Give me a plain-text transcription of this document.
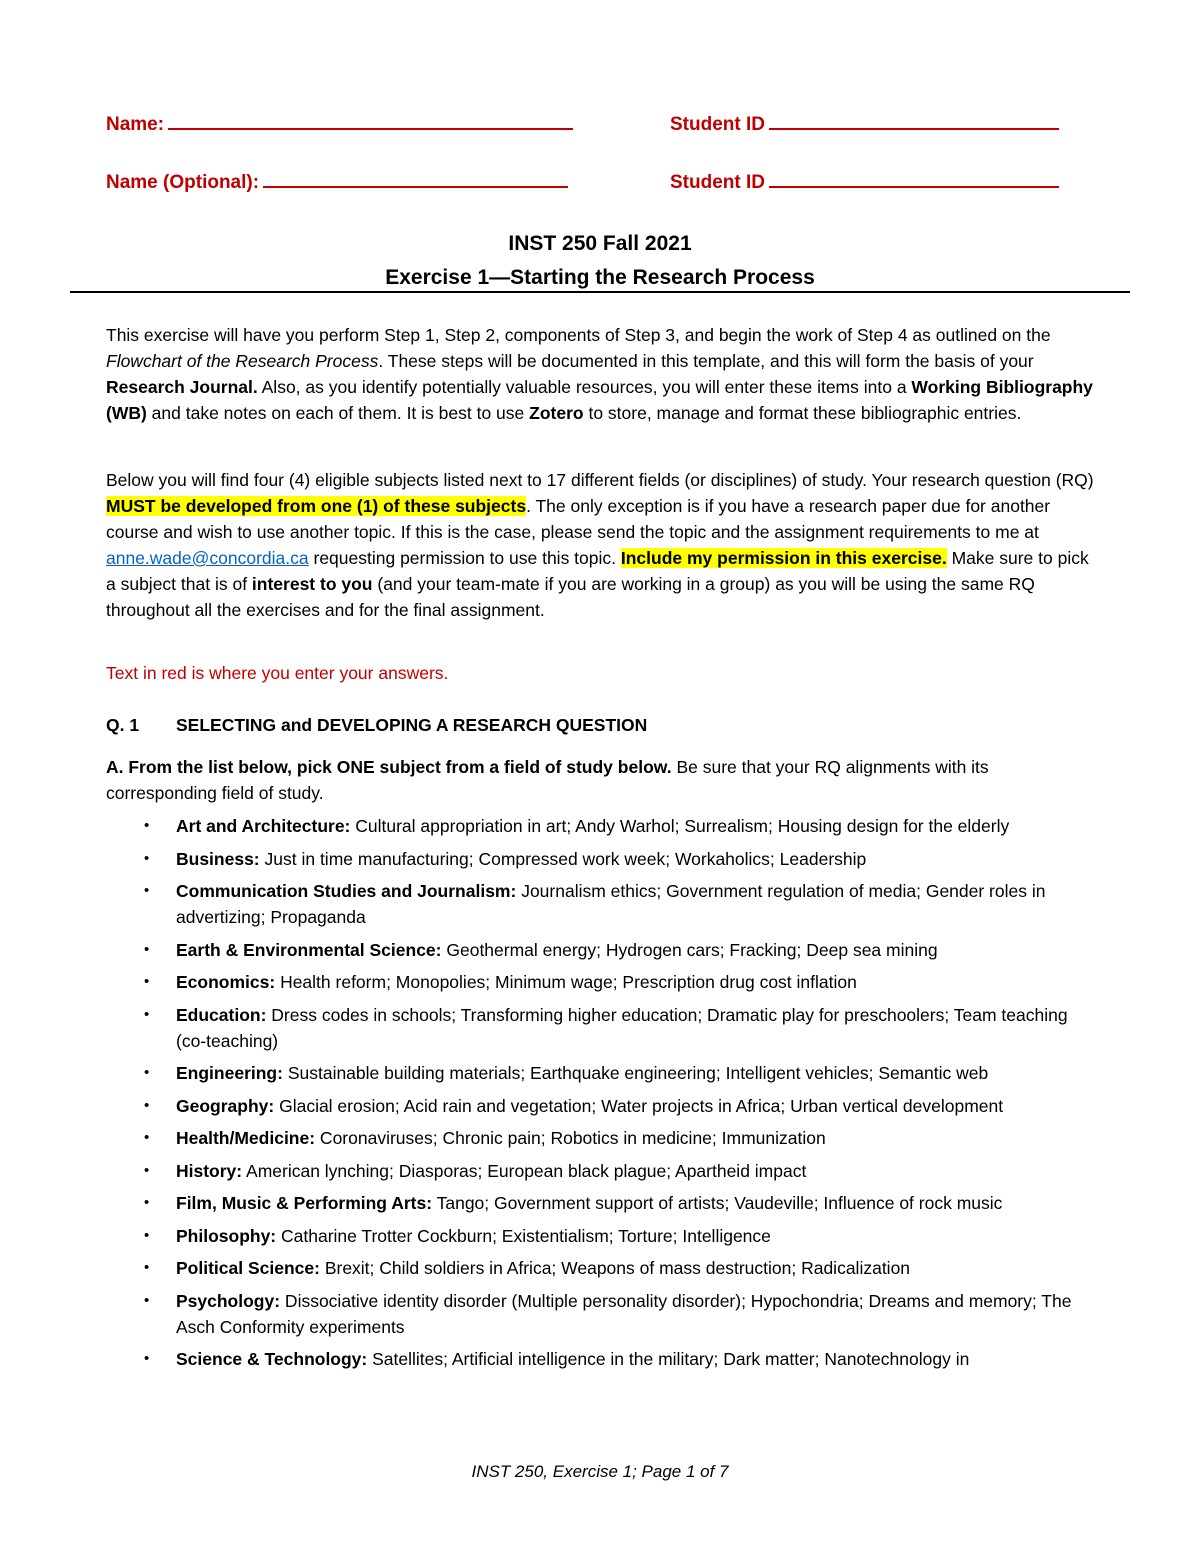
Name:	Student ID
Name (Optional):	Student ID
INST 250 Fall 2021
Exercise 1—Starting the Research Process
This exercise will have you perform Step 1, Step 2, components of Step 3, and begin the work of Step 4 as outlined on the Flowchart of the Research Process. These steps will be documented in this template, and this will form the basis of your Research Journal. Also, as you identify potentially valuable resources, you will enter these items into a Working Bibliography (WB) and take notes on each of them. It is best to use Zotero to store, manage and format these bibliographic entries.
Below you will find four (4) eligible subjects listed next to 17 different fields (or disciplines) of study. Your research question (RQ) MUST be developed from one (1) of these subjects. The only exception is if you have a research paper due for another course and wish to use another topic. If this is the case, please send the topic and the assignment requirements to me at anne.wade@concordia.ca requesting permission to use this topic. Include my permission in this exercise. Make sure to pick a subject that is of interest to you (and your team-mate if you are working in a group) as you will be using the same RQ throughout all the exercises and for the final assignment.
Text in red is where you enter your answers.
Q. 1 SELECTING and DEVELOPING A RESEARCH QUESTION
A. From the list below, pick ONE subject from a field of study below. Be sure that your RQ alignments with its corresponding field of study.
• Art and Architecture: Cultural appropriation in art; Andy Warhol; Surrealism; Housing design for the elderly
• Business: Just in time manufacturing; Compressed work week; Workaholics; Leadership
• Communication Studies and Journalism: Journalism ethics; Government regulation of media; Gender roles in advertizing; Propaganda
• Earth & Environmental Science: Geothermal energy; Hydrogen cars; Fracking; Deep sea mining
• Economics: Health reform; Monopolies; Minimum wage; Prescription drug cost inflation
• Education: Dress codes in schools; Transforming higher education; Dramatic play for preschoolers; Team teaching (co-teaching)
• Engineering: Sustainable building materials; Earthquake engineering; Intelligent vehicles; Semantic web
• Geography: Glacial erosion; Acid rain and vegetation; Water projects in Africa; Urban vertical development
• Health/Medicine: Coronaviruses; Chronic pain; Robotics in medicine; Immunization
• History: American lynching; Diasporas; European black plague; Apartheid impact
• Film, Music & Performing Arts: Tango; Government support of artists; Vaudeville; Influence of rock music
• Philosophy: Catharine Trotter Cockburn; Existentialism; Torture; Intelligence
• Political Science: Brexit; Child soldiers in Africa; Weapons of mass destruction; Radicalization
• Psychology: Dissociative identity disorder (Multiple personality disorder); Hypochondria; Dreams and memory; The Asch Conformity experiments
• Science & Technology: Satellites; Artificial intelligence in the military; Dark matter; Nanotechnology in
INST 250, Exercise 1; Page 1 of 7
